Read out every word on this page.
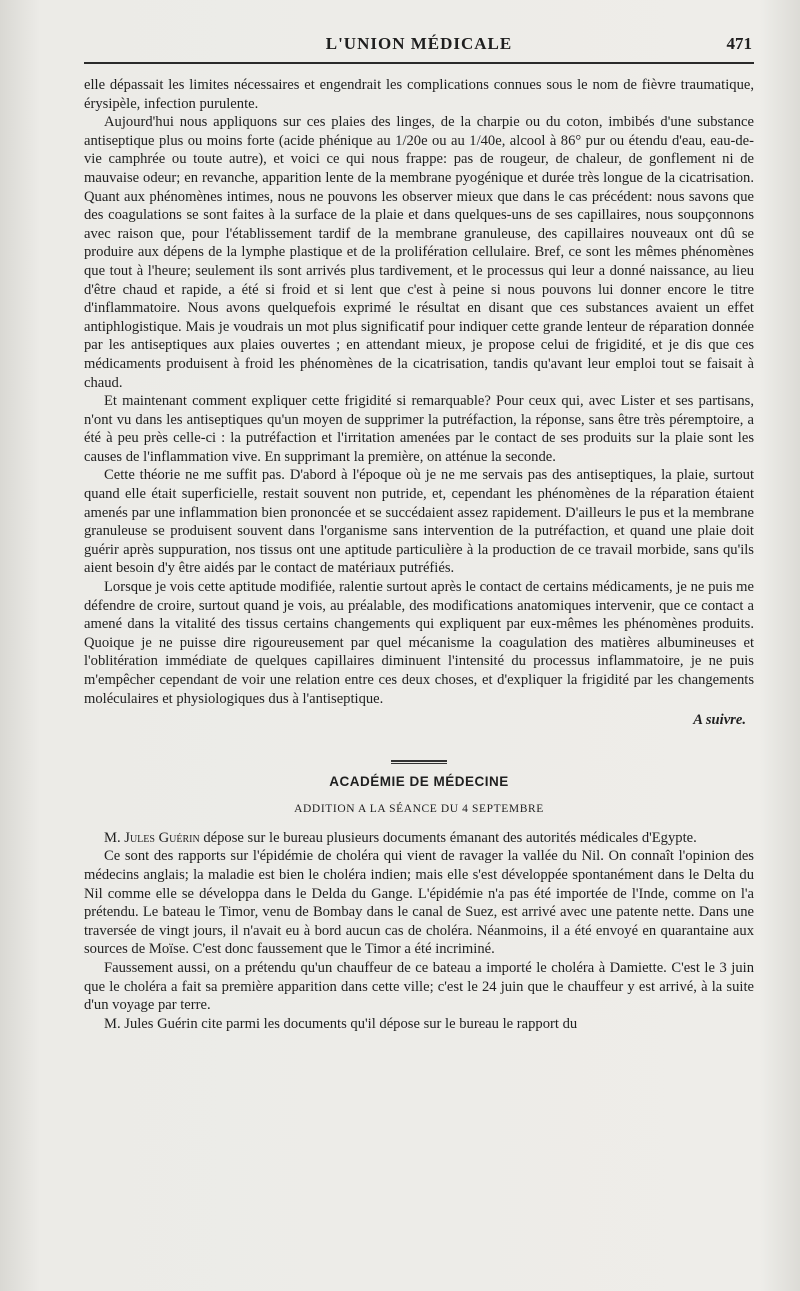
L'UNION MÉDICALE	471

elle dépassait les limites nécessaires et engendrait les complications connues sous le nom de fièvre traumatique, érysipèle, infection purulente.

Aujourd'hui nous appliquons sur ces plaies des linges, de la charpie ou du coton, imbibés d'une substance antiseptique plus ou moins forte (acide phénique au 1/20e ou au 1/40e, alcool à 86° pur ou étendu d'eau, eau-de-vie camphrée ou toute autre), et voici ce qui nous frappe: pas de rougeur, de chaleur, de gonflement ni de mauvaise odeur; en revanche, apparition lente de la membrane pyogénique et durée très longue de la cicatrisation. Quant aux phénomènes intimes, nous ne pouvons les observer mieux que dans le cas précédent: nous savons que des coagulations se sont faites à la surface de la plaie et dans quelques-uns de ses capillaires, nous soupçonnons avec raison que, pour l'établissement tardif de la membrane granuleuse, des capillaires nouveaux ont dû se produire aux dépens de la lymphe plastique et de la prolifération cellulaire. Bref, ce sont les mêmes phénomènes que tout à l'heure; seulement ils sont arrivés plus tardivement, et le processus qui leur a donné naissance, au lieu d'être chaud et rapide, a été si froid et si lent que c'est à peine si nous pouvons lui donner encore le titre d'inflammatoire. Nous avons quelquefois exprimé le résultat en disant que ces substances avaient un effet antiphlogistique. Mais je voudrais un mot plus significatif pour indiquer cette grande lenteur de réparation donnée par les antiseptiques aux plaies ouvertes ; en attendant mieux, je propose celui de frigidité, et je dis que ces médicaments produisent à froid les phénomènes de la cicatrisation, tandis qu'avant leur emploi tout se faisait à chaud.

Et maintenant comment expliquer cette frigidité si remarquable? Pour ceux qui, avec Lister et ses partisans, n'ont vu dans les antiseptiques qu'un moyen de supprimer la putréfaction, la réponse, sans être très péremptoire, a été à peu près celle-ci : la putréfaction et l'irritation amenées par le contact de ses produits sur la plaie sont les causes de l'inflammation vive. En supprimant la première, on atténue la seconde.

Cette théorie ne me suffit pas. D'abord à l'époque où je ne me servais pas des antiseptiques, la plaie, surtout quand elle était superficielle, restait souvent non putride, et, cependant les phénomènes de la réparation étaient amenés par une inflammation bien prononcée et se succédaient assez rapidement. D'ailleurs le pus et la membrane granuleuse se produisent souvent dans l'organisme sans intervention de la putréfaction, et quand une plaie doit guérir après suppuration, nos tissus ont une aptitude particulière à la production de ce travail morbide, sans qu'ils aient besoin d'y être aidés par le contact de matériaux putréfiés.

Lorsque je vois cette aptitude modifiée, ralentie surtout après le contact de certains médicaments, je ne puis me défendre de croire, surtout quand je vois, au préalable, des modifications anatomiques intervenir, que ce contact a amené dans la vitalité des tissus certains changements qui expliquent par eux-mêmes les phénomènes produits. Quoique je ne puisse dire rigoureusement par quel mécanisme la coagulation des matières albumineuses et l'oblitération immédiate de quelques capillaires diminuent l'intensité du processus inflammatoire, je ne puis m'empêcher cependant de voir une relation entre ces deux choses, et d'expliquer la frigidité par les changements moléculaires et physiologiques dus à l'antiseptique.

A suivre.

ACADÉMIE DE MÉDECINE
ADDITION A LA SÉANCE DU 4 SEPTEMBRE

M. Jules Guérin dépose sur le bureau plusieurs documents émanant des autorités médicales d'Egypte.

Ce sont des rapports sur l'épidémie de choléra qui vient de ravager la vallée du Nil. On connaît l'opinion des médecins anglais; la maladie est bien le choléra indien; mais elle s'est développée spontanément dans le Delta du Nil comme elle se développa dans le Delda du Gange. L'épidémie n'a pas été importée de l'Inde, comme on l'a prétendu. Le bateau le Timor, venu de Bombay dans le canal de Suez, est arrivé avec une patente nette. Dans une traversée de vingt jours, il n'avait eu à bord aucun cas de choléra. Néanmoins, il a été envoyé en quarantaine aux sources de Moïse. C'est donc faussement que le Timor a été incriminé.

Faussement aussi, on a prétendu qu'un chauffeur de ce bateau a importé le choléra à Damiette. C'est le 3 juin que le choléra a fait sa première apparition dans cette ville; c'est le 24 juin que le chauffeur y est arrivé, à la suite d'un voyage par terre.

M. Jules Guérin cite parmi les documents qu'il dépose sur le bureau le rapport du
